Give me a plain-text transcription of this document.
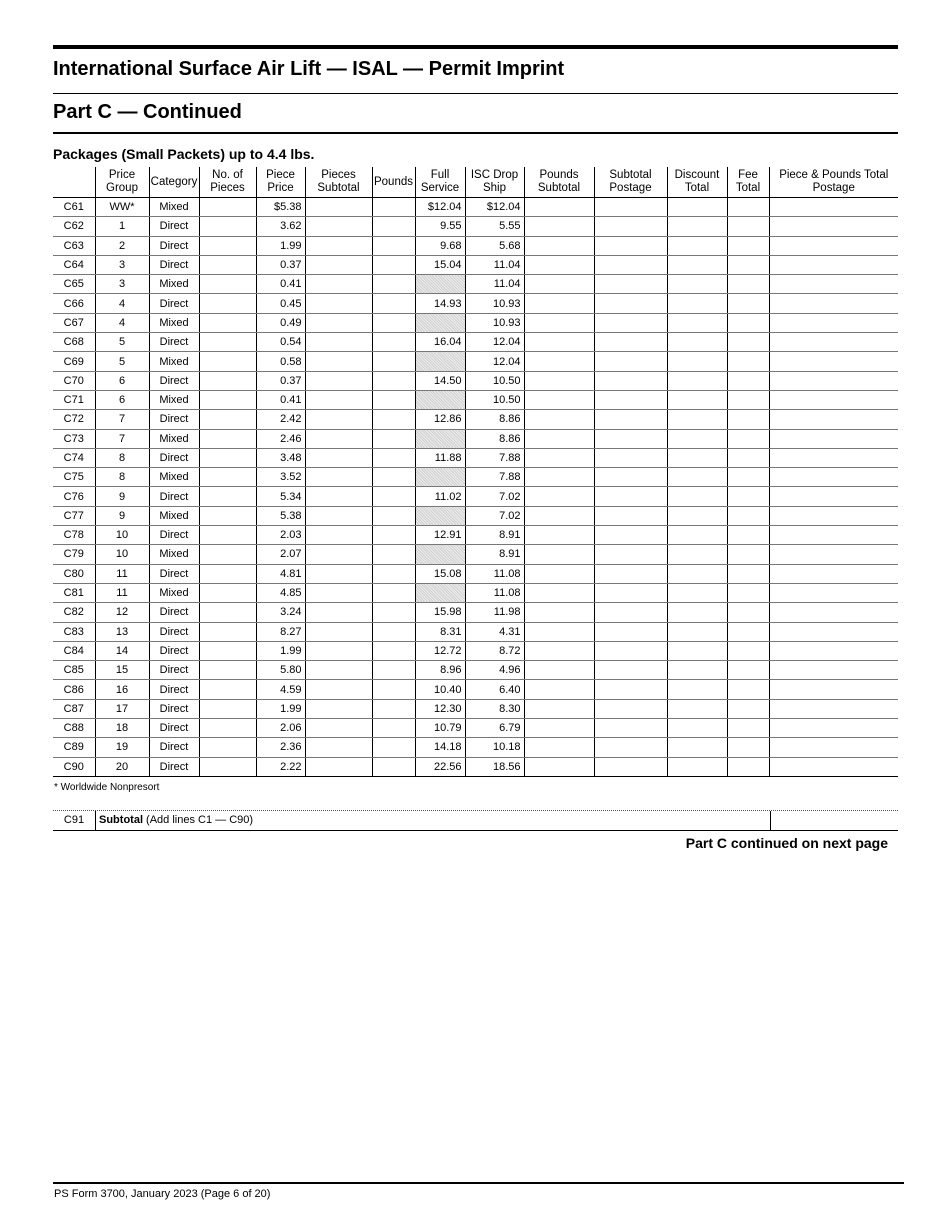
International Surface Air Lift — ISAL — Permit Imprint
Part C — Continued
Packages (Small Packets) up to 4.4 lbs.
	Price Group	Category	No. of Pieces	Piece Price	Pieces Subtotal	Pounds	Full Service	ISC Drop Ship	Pounds Subtotal	Subtotal Postage	Discount Total	Fee Total	Piece & Pounds Total Postage
C61	WW*	Mixed		$5.38			$12.04	$12.04					
C62	1	Direct		3.62			9.55	5.55					
C63	2	Direct		1.99			9.68	5.68					
C64	3	Direct		0.37			15.04	11.04					
C65	3	Mixed		0.41				11.04					
C66	4	Direct		0.45			14.93	10.93					
C67	4	Mixed		0.49				10.93					
C68	5	Direct		0.54			16.04	12.04					
C69	5	Mixed		0.58				12.04					
C70	6	Direct		0.37			14.50	10.50					
C71	6	Mixed		0.41				10.50					
C72	7	Direct		2.42			12.86	8.86					
C73	7	Mixed		2.46				8.86					
C74	8	Direct		3.48			11.88	7.88					
C75	8	Mixed		3.52				7.88					
C76	9	Direct		5.34			11.02	7.02					
C77	9	Mixed		5.38				7.02					
C78	10	Direct		2.03			12.91	8.91					
C79	10	Mixed		2.07				8.91					
C80	11	Direct		4.81			15.08	11.08					
C81	11	Mixed		4.85				11.08					
C82	12	Direct		3.24			15.98	11.98					
C83	13	Direct		8.27			8.31	4.31					
C84	14	Direct		1.99			12.72	8.72					
C85	15	Direct		5.80			8.96	4.96					
C86	16	Direct		4.59			10.40	6.40					
C87	17	Direct		1.99			12.30	8.30					
C88	18	Direct		2.06			10.79	6.79					
C89	19	Direct		2.36			14.18	10.18					
C90	20	Direct		2.22			22.56	18.56					
* Worldwide Nonpresort
C91	Subtotal (Add lines C1 — C90)
Part C continued on next page
PS Form 3700, January 2023 (Page 6 of 20)
